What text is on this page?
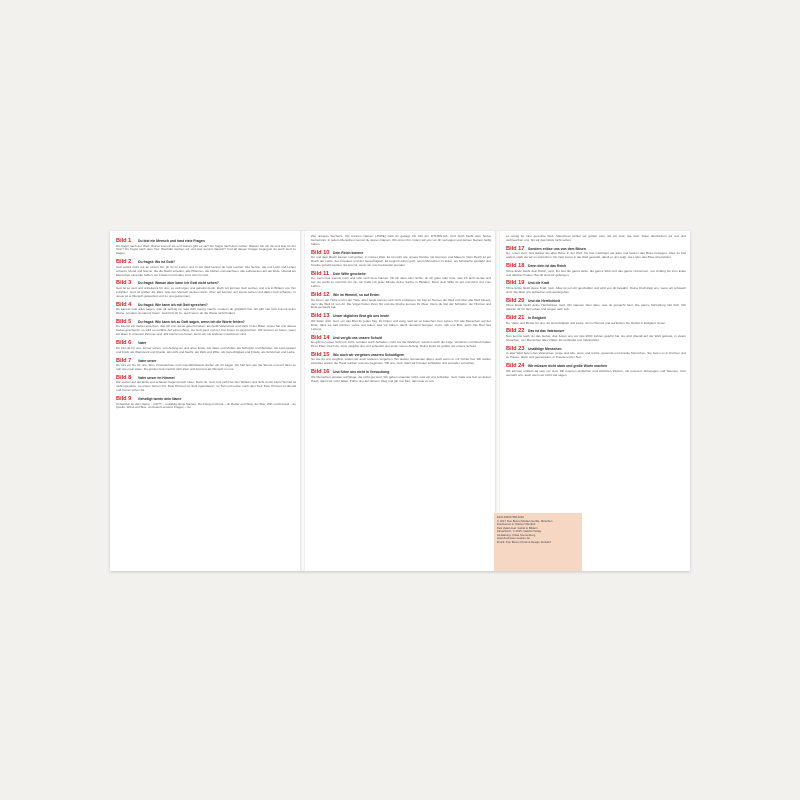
Bild 1	Du bist ein Mensch und hast viele Fragen

Du fragst nach der Welt: Woher kommt sie und warum gibt es sie? Du fragst nach dem Leben: Warum bin ich da und was ist der Sinn? Du fragst nach dem Tod: Weshalb sterben wir und was kommt danach? Und all diesen Fragen begegnet du auch Gott zu fragen.

Bild 2	Du fragst: Wo ist Gott?

Gott wohnt nicht nur an einem Ort. Er ist im Leben und in der Welt kannst du Gott suchen: Die Sonne, die uns Licht und Leben schenkt, Mond und Sterne, die die Nacht erhellen, alle Pflanzen, die blühen und wachsen, alle Lebewesen auf der Erde. Überall wo Menschen einander helfen, wo Frieden und Liebe sind, dort ist Gott.

Bild 3	Du fragst: Warum aber kann ich Gott nicht sehen?

Gott ist so weit und unbekannt für uns, so verborgen und geheimnisvoll. Doch wir können Gott suchen und uns in Bildern von ihm erzählen. Gott ist größer als alles, was der Mensch denken kann. Aber wir können auf Jesus sehen und dabei Gott schauen. In Jesus ist er Mensch geworden und zu uns gekommen.

Bild 4	Du fragst: Wie kann ich mit Gott sprechen?

Du kannst Gott alles sagen, was dir wichtig ist, was dich traurig macht, sondern du glücklich bist. Es gibt viel Gott kommt keine Worte, sondern du kannst beten. Gott hört dir zu, auch wenn du die Worte nicht findest.

Bild 5	Du fragst: Wie kann ich zu Gott sagen, wenn ich die Worte fehlen?

Du kannst ein Gebet sprechen, das wir von Jesus gelernt haben: Es heißt Vaterunser und steht in der Bibel. Jesus hat uns dieses Gebet geschenkt, so wird es erzählt. Auf einem Berg, wo Gott ganz nah ist, hat Jesus zu gesprochen. Wir können es beten, wenn wir allein in unserem Zimmer sind. Wir können es beten, wenn wir mit anderen zusammen sind.

Bild 6	Vater

Du bist da für uns. Immer schon, von Anfang an und ohne Ende. Als Vater und Mutter, als Schöpfer und Behüter, als Lebensatem und Kraft, als Weinstock und Quelle, als Licht und Nacht, als Welt und Wille, als Gerechtigkeit und Friede, als Schönheit und Liebe.

Bild 7	Vater unser

Du bist ein Du für uns. Zum Umeinkehren und Unendlichdasein dürfen wir dir sagen. Du bist fern wie die Sterne und mit dann so nah wie mein Atem. Du großer Gott machst dich klein und kommst als Mensch zu uns.

Bild 8	Vater unser im Himmel

Wir stehen auf der Erde und schauen fragend nach oben. Doch du, Gott, bist nicht bei den Wolken und nicht im All. Dein Himmel ist nicht irgendwo, an einem fernen Ort. Dein Himmel ist nicht irgendwann, im Tod und Leben nach dem Tod. Dein Himmel ist überall und immer schon da.

Bild 9	Geheiligt werde dein Name

Unfassbar ist dein Name – GOTT – unzählig deine Namen: Du König und Fels – du Retter und Weg, du Hirte, Wirt und Freund – du Quelle, Wind und Brot, du Anwort unserer Fragen – du

Ziel unseres Suchens. Wir können Namen (JHWE) hast du gesagt: Du bist der ICH-BIN-DA. Und doch bleibt dein Name Geheimnis. In jedem Menschen nennst du deinen Namen. Wir ehren ihn, indem wir uns vor dir verneigen und deinen Namen heilig halten.

Bild 10	Dein Reich komme

Du und dein Reich kamen und gehen, in meiner Welt. Es ist nicht wie unsere Reiche mit Grenzen und Mauern. Dein Reich ist ein Reich der Liebe, des Friedens und der Gerechtigkeit. Es beginnt schon jetzt, wenn Menschen zu teilen, wo Schwache gestärkt und Kranke geheilt werden. Es kommt, wenn wir uns zueinander wenden.

Bild 11	Dein Wille geschehe

Du, mein Gott, kennst mich und rufst mich beim Namen. Ob ich alles oder nichts, ob ich gehe oder ruhe, was ich auch denke und tue, du weißt es und bist bei mir. Ich halte mit jeder Minute deine Sache in Händen. Denn dein Wille ist gut und führt uns zum Leben.

Bild 12	Wie im Himmel, so auf Erden

Du bist in der Höhe und in der Tiefe, aber beide können sich nicht umfassen. Du bist im Herzen der Welt und über alle Welt hinaus, denn die Welt ist von dir. Die Vögel finden ihren Ort und die Fische kennen ihr Meer. Denn du bist der Schöpfer, der Himmel und Erde gemacht hat.

Bild 13	Unser tägliches Brot gib uns heute

Wir bitten dich, Gott, um das Brot für jeden Tag, für hinten und ewig, weil wir es brauchen zum Leben. Für alle Menschen auf der Erde, dass sie satt werden. Lehre uns teilen, was wir haben, damit niemand hungern muss. Gib uns Brot, auch das Brot des Lebens.

Bild 14	Und vergib uns unsere Schuld

Es gibt im Leben nicht nur Licht, sondern auch Schatten, nicht nur die Wahrheit, sondern auch die Lüge. Verletzen und Streit haben ihren Platz. Doch du, Gott, vergibst uns und schenkst uns einen neuen Anfang. Deine Liebe ist größer als unsere Schuld.

Bild 15	Wie auch wir vergeben unseren Schuldigern

So wie du uns vergibst, wollen wir auch anderen vergeben. Wir lassen niemanden allein, auch wenn er mir Fehler hat. Wir wollen einander wieder die Hand reichen und neu beginnen. Hilf uns, Gott, dass wir Frieden schließen und einander verzeihen.

Bild 16	Und führe uns nicht in Versuchung

Wir Menschen geraten auf Wege, die nicht gut sind. Wir geben einander nicht, was wir uns schulden. Gott, halte uns fest an deiner Hand, damit wir nicht fallen. Führe uns auf deinem Weg und gib uns Mut, das Gute zu tun.

es wenig für eine gerechte Welt. Manchmal wollen wir größer sein, als wir sind, wie Gott. Dann überfordern wir uns und verbrauchen uns, bis wir das Glück nicht sehen.

Bild 17	Sondern erlöse uns von dem Bösen

Du, unser Gott, bist stärker als alles Böse in der Welt. Du bist mächtiger als alles und kannst das Böse besiegen. Aber du bist anders stark als wir es wünschen. Du hast Jesus in die Welt gesandt, damit er uns zeigt, wie Liebe das Böse überwindet.

Bild 18	Denn dein ist das Reich

Ohne Ende bleibt dein Reich, Gott. Du bist die ganze Erde, die ganze Welt und das ganze Universum, von Anfang bis zum Ende und darüber hinaus. Bei dir sind wir geborgen.

Bild 19	Und die Kraft

Ohne Ende bleibt deine Kraft, Gott. Alles ist von dir geschaffen und wird von dir bewahrt. Deine Kraft trägt uns, wenn wir schwach sind. Sie lässt uns aufstehen und weitergehen.

Bild 20	Und die Herrlichkeit

Ohne Ende bleibt deine Herrlichkeit, Gott. Wir staunen über alles, was du gemacht hast. Die ganze Schöpfung lobt dich. Wir danken dir für das Leben und singen dein Lob.

Bild 21	In Ewigkeit

Du, Vater und Mutter für uns, du Gerechtigkeit und Liebe, du im Himmel und auf Erden: Du bleibst in Ewigkeit. Amen.

Bild 22	Das ist das Vaterunser

Nun kennst auch du das Gebet, das Jesus uns vor fast 2000 Jahren gelehrt hat. Es wird überall auf der Welt gebetet, in vielen Sprachen, von Menschen aller Völker. Es verbindet uns miteinander.

Bild 23	Unzählige Menschen

In aller Welt beten das Vaterunser, junge und alte, arme und reiche, gesunde und kranke Menschen. Sie beten es in Kirchen und zu Hause, allein und gemeinsam, in Freude und in Not.

Bild 24	Wir müssen nicht stark und große Worte machen

Wir können einfach da sein vor Gott. Mit unseren einfachen und ehrlichen Worten, mit unserem Schweigen und Staunen. Gott versteht uns, auch wenn wir nicht viel sagen.

EAN 4260179514160
© 2017 Don Bosco Medien GmbH, München
Erschienen in: Rainer Oberthür
Das Vaterunser. Gebet in Bildern
Kinderbuch, © 2015, Gabriel Verlag
Gestaltung: Ulrike Sonnenberg
www.donbosco-medien.de
Druck: Don Bosco Druck & Design, Ensdorf
